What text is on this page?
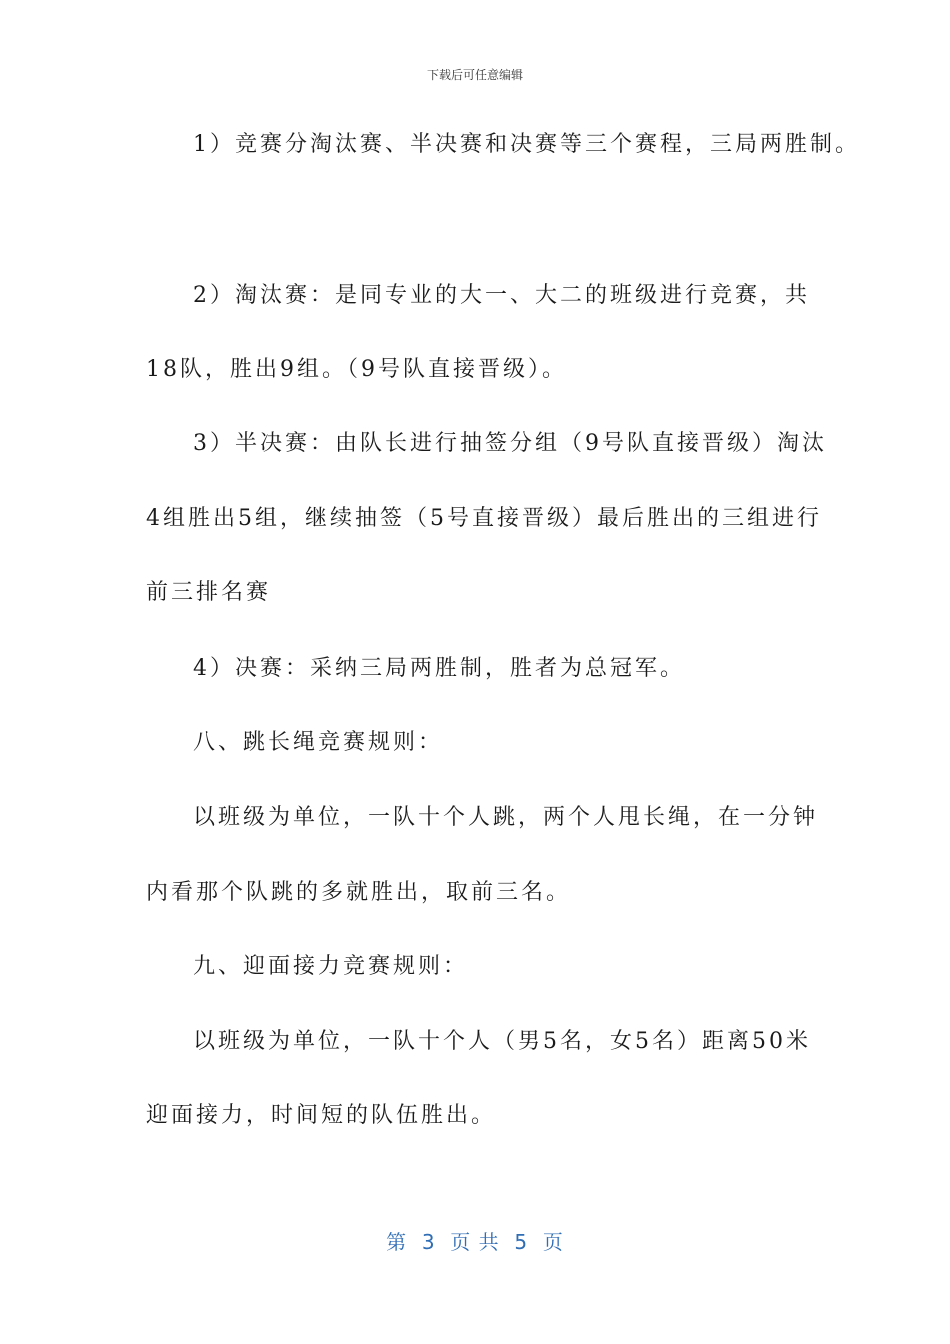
下载后可任意编辑
1）竞赛分淘汰赛、半决赛和决赛等三个赛程，三局两胜制。
2）淘汰赛：是同专业的大一、大二的班级进行竞赛，共
18队，胜出9组。（9号队直接晋级）。
3）半决赛：由队长进行抽签分组（9号队直接晋级）淘汰
4组胜出5组，继续抽签（5号直接晋级）最后胜出的三组进行
前三排名赛
4）决赛：采纳三局两胜制，胜者为总冠军。
八、跳长绳竞赛规则：
以班级为单位，一队十个人跳，两个人甩长绳，在一分钟
内看那个队跳的多就胜出，取前三名。
九、迎面接力竞赛规则：
以班级为单位，一队十个人（男5名，女5名）距离50米
迎面接力，时间短的队伍胜出。
第  3  页 共  5  页
